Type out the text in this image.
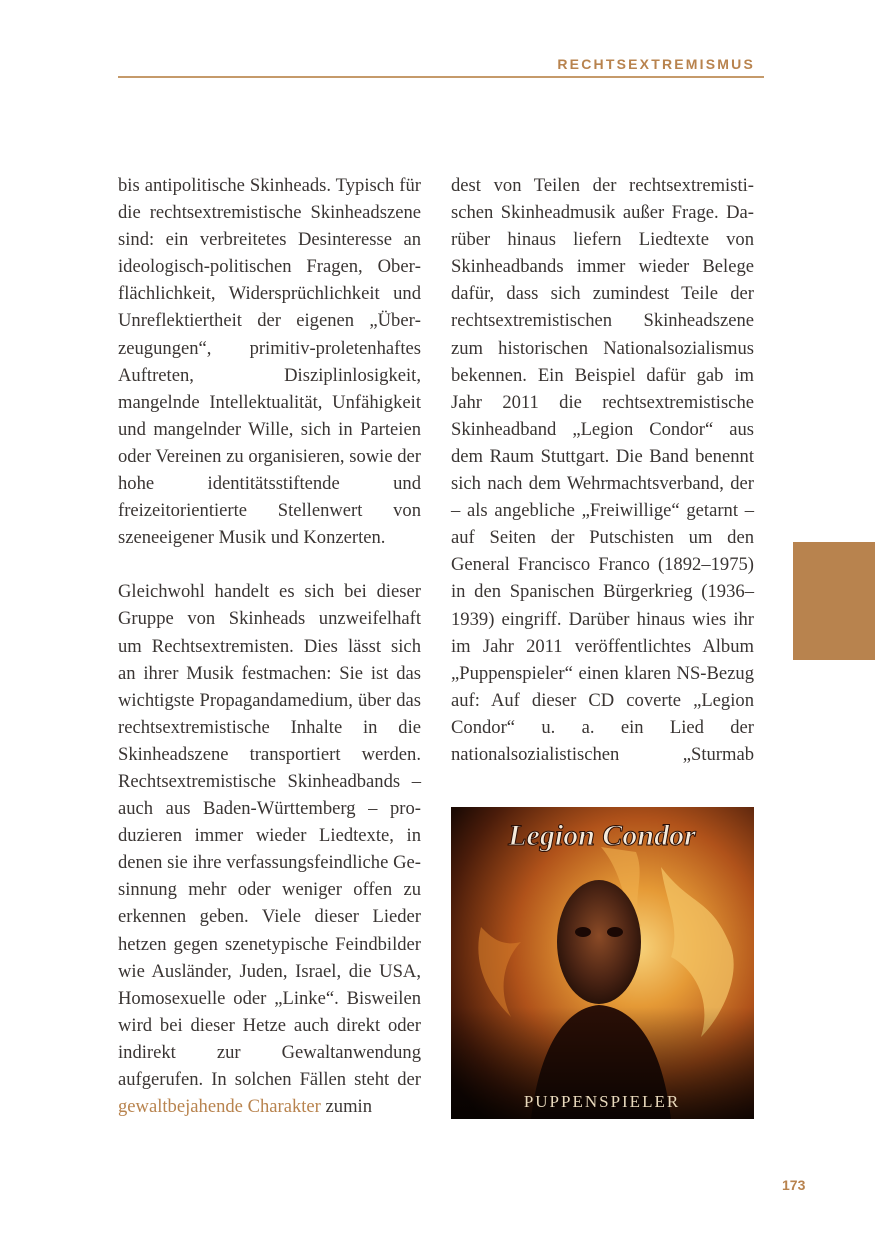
RECHTSEXTREMISMUS

bis antipolitische Skinheads. Typisch für die rechtsextremistische Skinheadszene sind: ein verbreitetes Desinteresse an ideologisch-politischen Fragen, Oberflächlichkeit, Widersprüchlichkeit und Unreflektiertheit der eigenen „Überzeugungen“, primitiv-proletenhaftes Auftreten, Disziplinlosigkeit, mangelnde Intellektualität, Unfähigkeit und mangelnder Wille, sich in Parteien oder Vereinen zu organisieren, sowie der hohe identitätsstiftende und freizeitorientierte Stellenwert von szeneeigener Musik und Konzerten.

Gleichwohl handelt es sich bei dieser Gruppe von Skinheads unzweifelhaft um Rechtsextremisten. Dies lässt sich an ihrer Musik festmachen: Sie ist das wichtigste Propagandamedium, über das rechtsextremistische Inhalte in die Skinheadszene transportiert werden. Rechtsextremistische Skinheadbands – auch aus Baden-Württemberg – produzieren immer wieder Liedtexte, in denen sie ihre verfassungsfeindliche Gesinnung mehr oder weniger offen zu erkennen geben. Viele dieser Lieder hetzen gegen szenetypische Feindbilder wie Ausländer, Juden, Israel, die USA, Homosexuelle oder „Linke“. Bisweilen wird bei dieser Hetze auch direkt oder indirekt zur Gewaltanwendung aufgerufen. In solchen Fällen steht der gewaltbejahende Charakter zumin

dest von Teilen der rechtsextremistischen Skinheadmusik außer Frage. Darüber hinaus liefern Liedtexte von Skinheadbands immer wieder Belege dafür, dass sich zumindest Teile der rechtsextremistischen Skinheadszene zum historischen Nationalsozialismus bekennen. Ein Beispiel dafür gab im Jahr 2011 die rechtsextremistische Skinheadband „Legion Condor“ aus dem Raum Stuttgart. Die Band benennt sich nach dem Wehrmachtsverband, der – als angebliche „Freiwillige“ getarnt – auf Seiten der Putschisten um den General Francisco Franco (1892–1975) in den Spanischen Bürgerkrieg (1936–1939) eingriff. Darüber hinaus wies ihr im Jahr 2011 veröffentlichtes Album „Puppenspieler“ einen klaren NS-Bezug auf: Auf dieser CD coverte „Legion Condor“ u. a. ein Lied der nationalsozialistischen „Sturmab

Legion Condor
PUPPENSPIELER
173
